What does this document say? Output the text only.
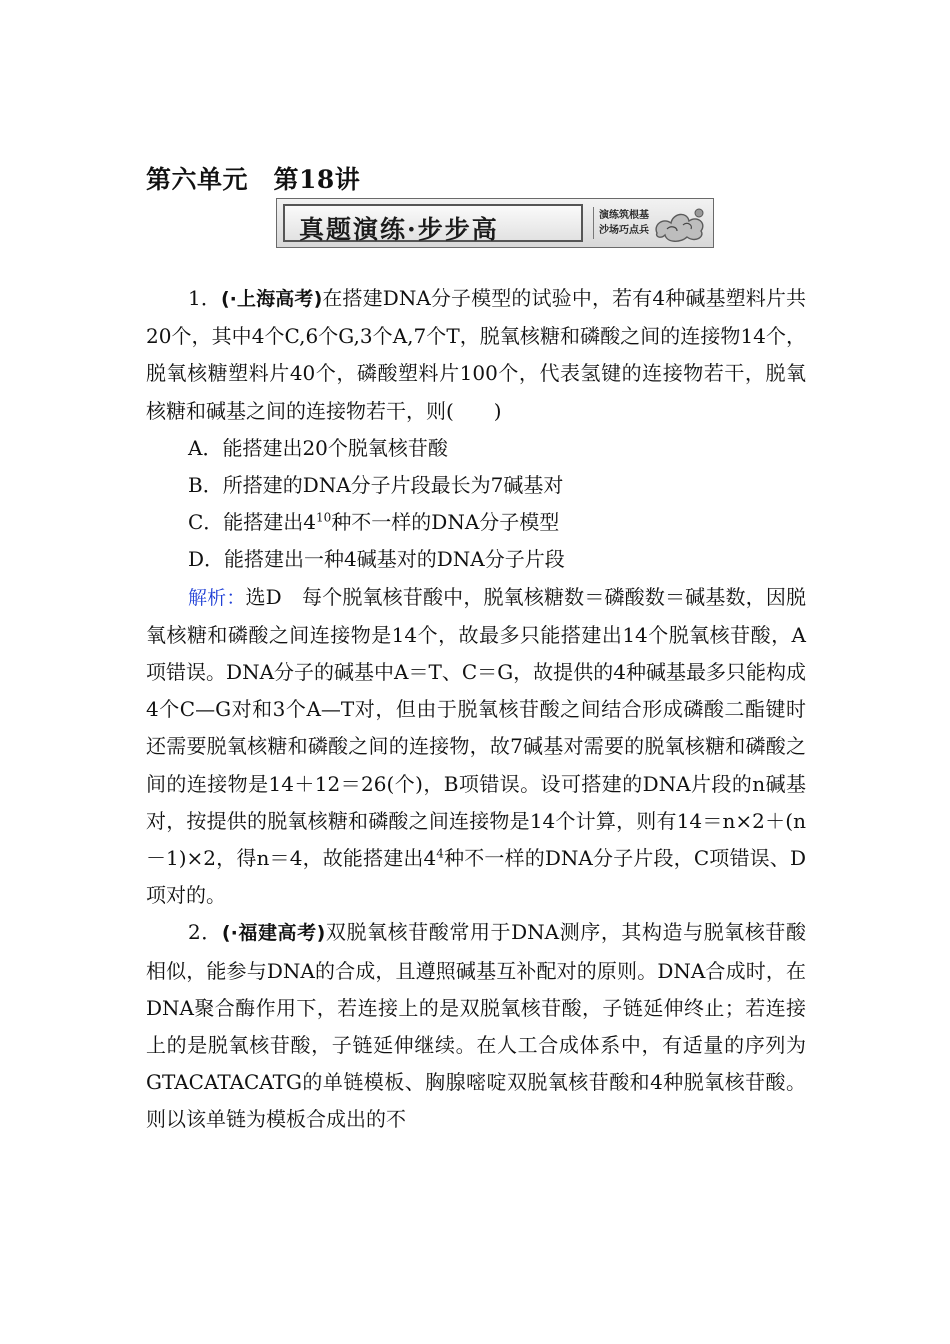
第六单元　第18讲
真题演练·步步高	演练筑根基
沙场巧点兵

1．(·上海高考)在搭建DNA分子模型的试验中，若有4种碱基塑料片共20个，其中4个C,6个G,3个A,7个T，脱氧核糖和磷酸之间的连接物14个，脱氧核糖塑料片40个，磷酸塑料片100个，代表氢键的连接物若干，脱氧核糖和碱基之间的连接物若干，则(　　)

A．能搭建出20个脱氧核苷酸

B．所搭建的DNA分子片段最长为7碱基对

C．能搭建出$4^{10}$种不一样的DNA分子模型

D．能搭建出一种4碱基对的DNA分子片段

解析：选D　每个脱氧核苷酸中，脱氧核糖数＝磷酸数＝碱基数，因脱氧核糖和磷酸之间连接物是14个，故最多只能搭建出14个脱氧核苷酸，A项错误。DNA分子的碱基中A＝T、C＝G，故提供的4种碱基最多只能构成4个C—G对和3个A—T对，但由于脱氧核苷酸之间结合形成磷酸二酯键时还需要脱氧核糖和磷酸之间的连接物，故7碱基对需要的脱氧核糖和磷酸之间的连接物是14＋12＝26(个)，B项错误。设可搭建的DNA片段的n碱基对，按提供的脱氧核糖和磷酸之间连接物是14个计算，则有14＝n×2＋(n－1)×2，得n＝4，故能搭建出$4^4$种不一样的DNA分子片段，C项错误、D项对的。

2．(·福建高考)双脱氧核苷酸常用于DNA测序，其构造与脱氧核苷酸相似，能参与DNA的合成，且遵照碱基互补配对的原则。DNA合成时，在DNA聚合酶作用下，若连接上的是双脱氧核苷酸，子链延伸终止；若连接上的是脱氧核苷酸，子链延伸继续。在人工合成体系中，有适量的序列为GTACATACATG的单链模板、胸腺嘧啶双脱氧核苷酸和4种脱氧核苷酸。则以该单链为模板合成出的不
